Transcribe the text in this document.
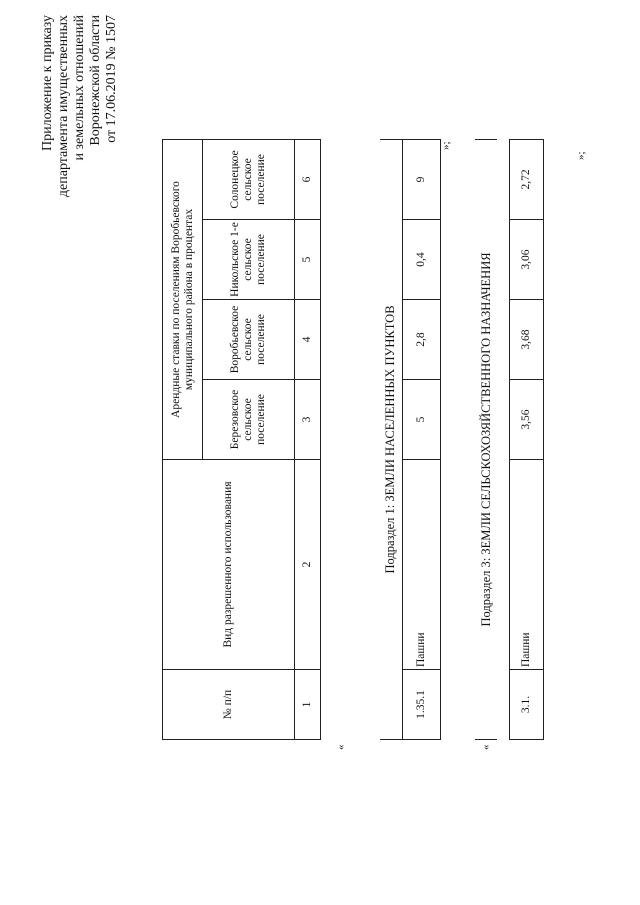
Приложение к приказу департамента имущественных и земельных отношений Воронежской области от 17.06.2019 № 1507
№ п/п	Вид разрешенного использования	Арендные ставки по поселениям Воробьевского муниципального района в процентах			
		Березовское сельское поселение	Воробьевское сельское поселение	Никольское 1-е сельское поселение	Солонецкое сельское поселение
1	2	3	4	5	6
«
Подраздел 1: ЗЕМЛИ НАСЕЛЕННЫХ ПУНКТОВ
1.35.1	Пашни	5	2,8	0,4	9
»;
«
Подраздел 3: ЗЕМЛИ СЕЛЬСКОХОЗЯЙСТВЕННОГО НАЗНАЧЕНИЯ

3.1.	Пашни	3,56	3,68	3,06	2,72
»;
